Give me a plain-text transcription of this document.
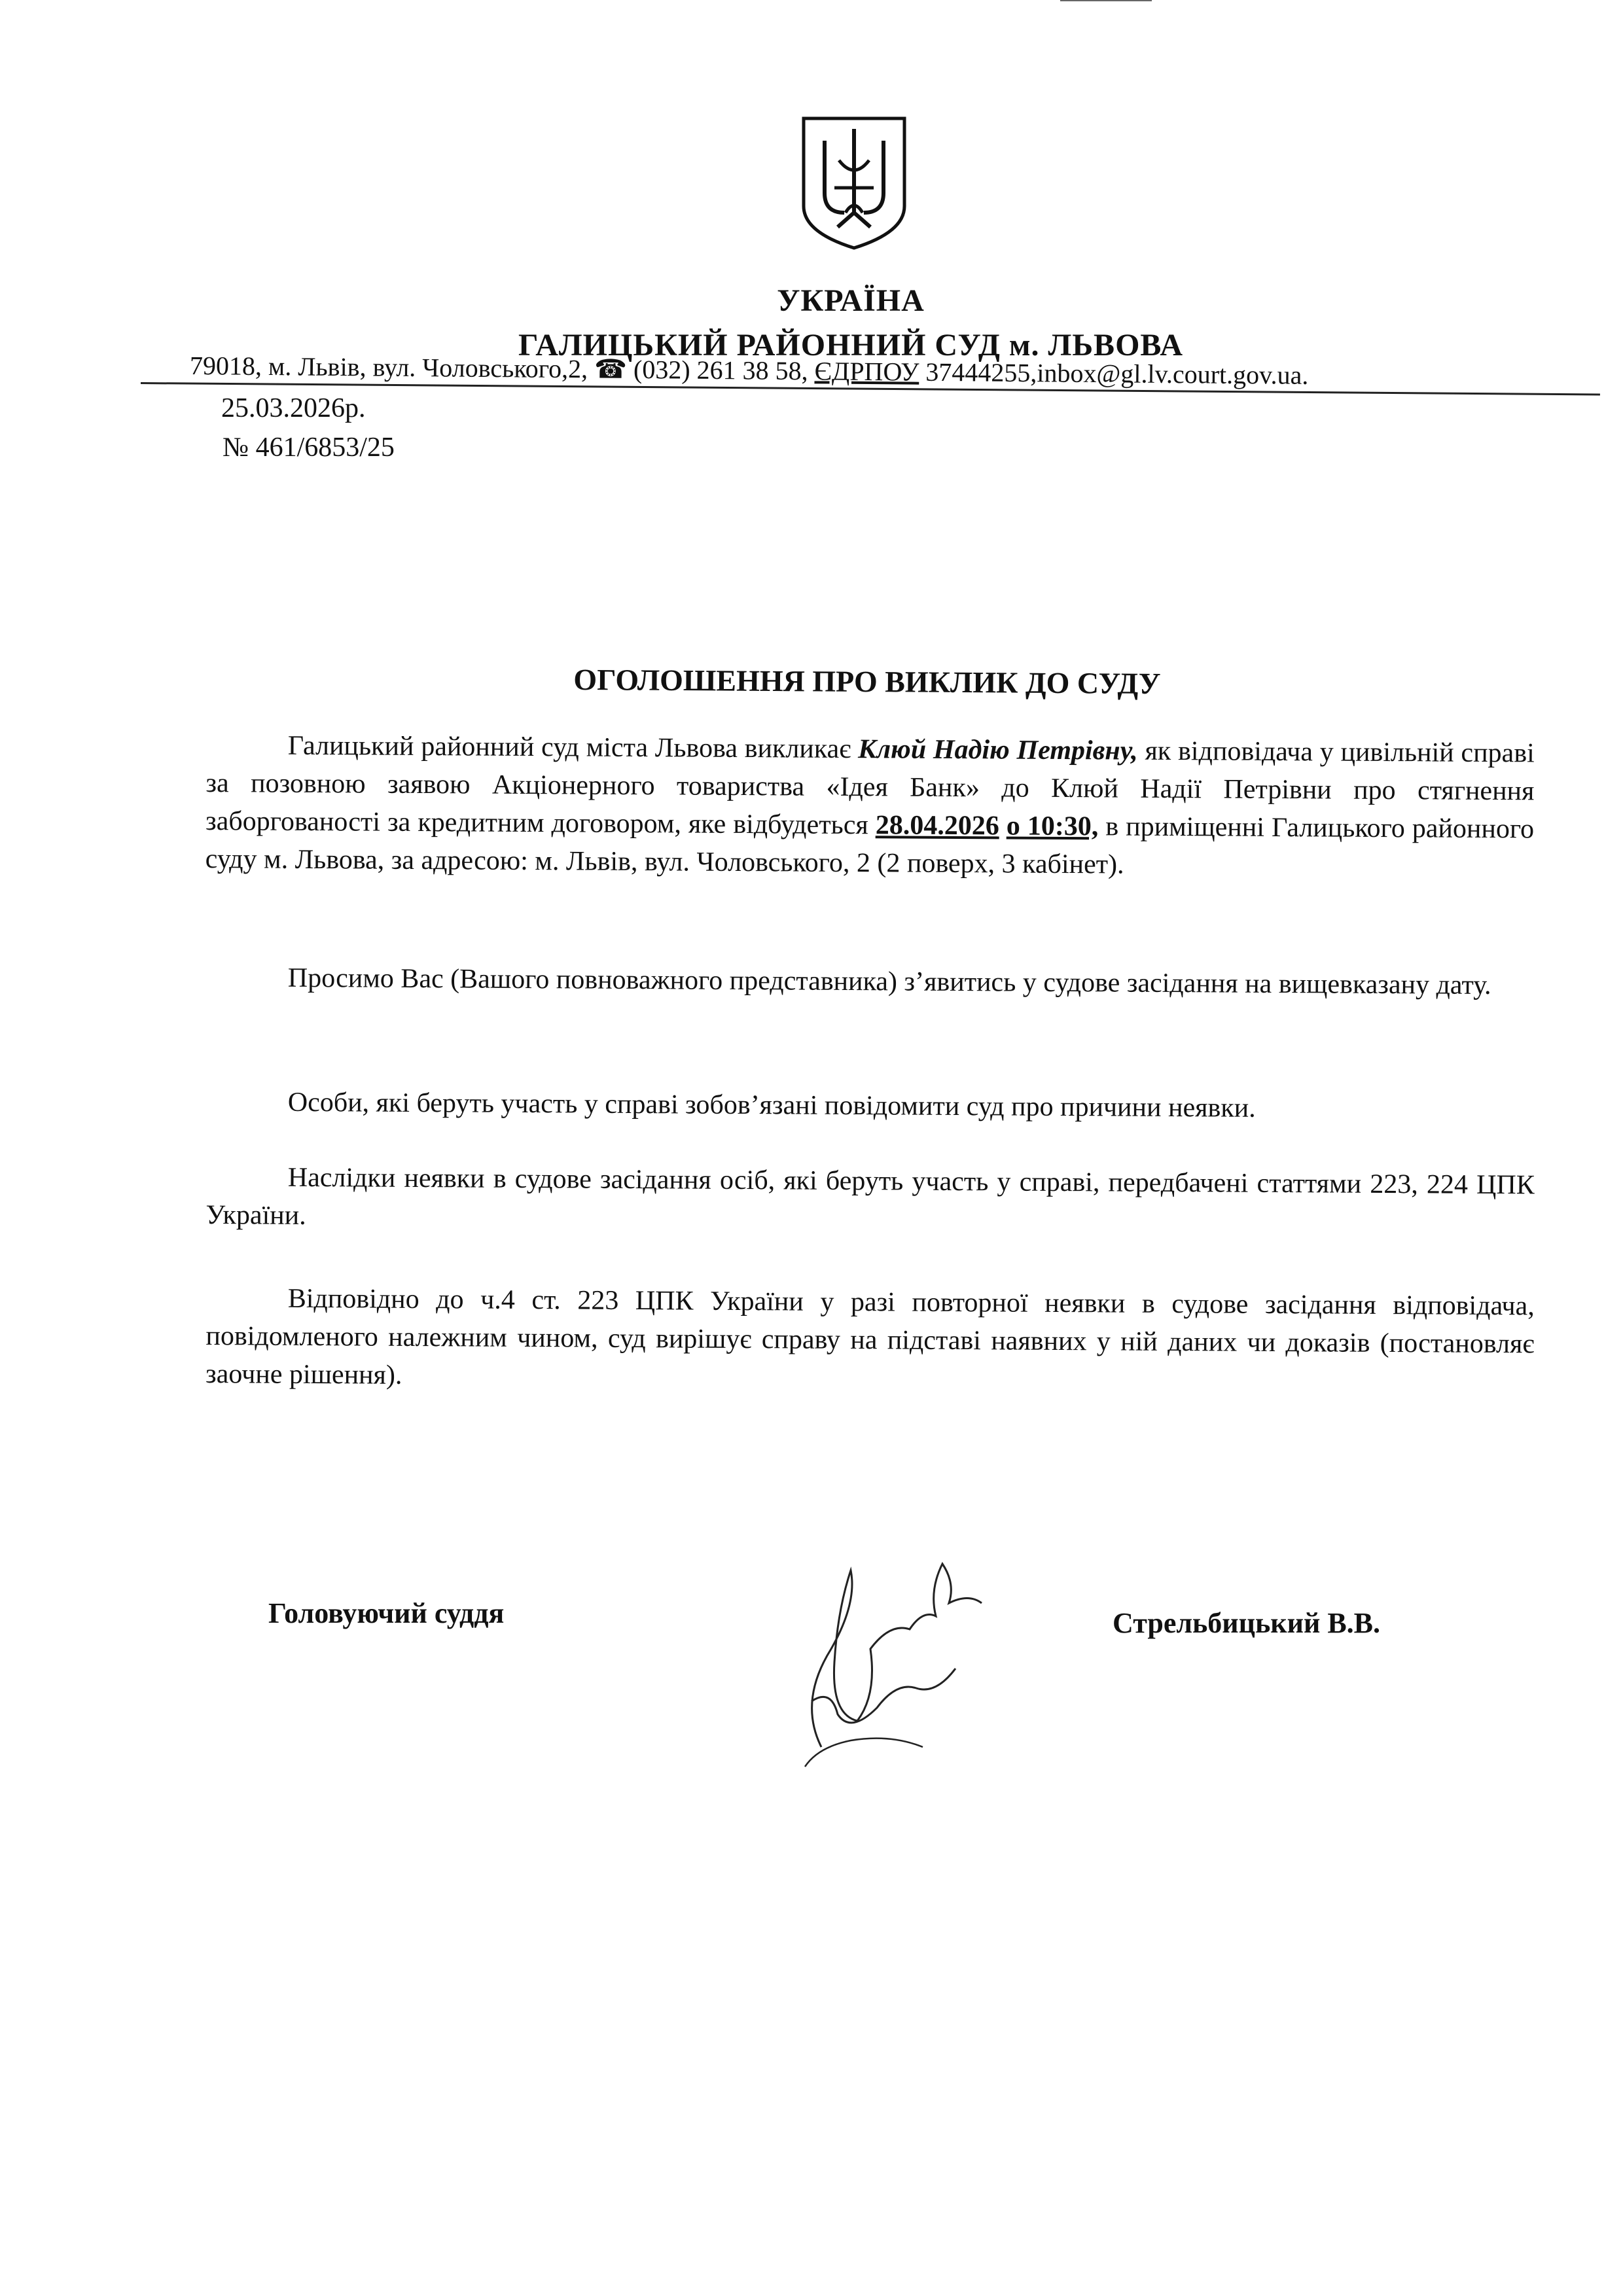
УКРАЇНА
ГАЛИЦЬКИЙ РАЙОННИЙ СУД м. ЛЬВОВА
79018, м. Львів, вул. Чоловського,2, ☎ (032) 261 38 58, ЄДРПОУ 37444255,inbox@gl.lv.court.gov.ua.
25.03.2026р.
№ 461/6853/25
ОГОЛОШЕННЯ ПРО ВИКЛИК ДО СУДУ
Галицький районний суд міста Львова викликає Клюй Надію Петрівну, як відповідача у цивільній справі за позовною заявою Акціонерного товариства «Ідея Банк» до Клюй Надії Петрівни про стягнення заборгованості за кредитним договором, яке відбудеться 28.04.2026 о 10:30, в приміщенні Галицького районного суду м. Львова, за адресою: м. Львів, вул. Чоловського, 2 (2 поверх, 3 кабінет).
Просимо Вас (Вашого повноважного представника) з’явитись у судове засідання на вищевказану дату.
Особи, які беруть участь у справі зобов’язані повідомити суд про причини неявки.
Наслідки неявки в судове засідання осіб, які беруть участь у справі, передбачені статтями 223, 224 ЦПК України.
Відповідно до ч.4 ст. 223 ЦПК України у разі повторної неявки в судове засідання відповідача, повідомленого належним чином, суд вирішує справу на підставі наявних у ній даних чи доказів (постановляє заочне рішення).
Головуючий суддя	Стрельбицький В.В.
